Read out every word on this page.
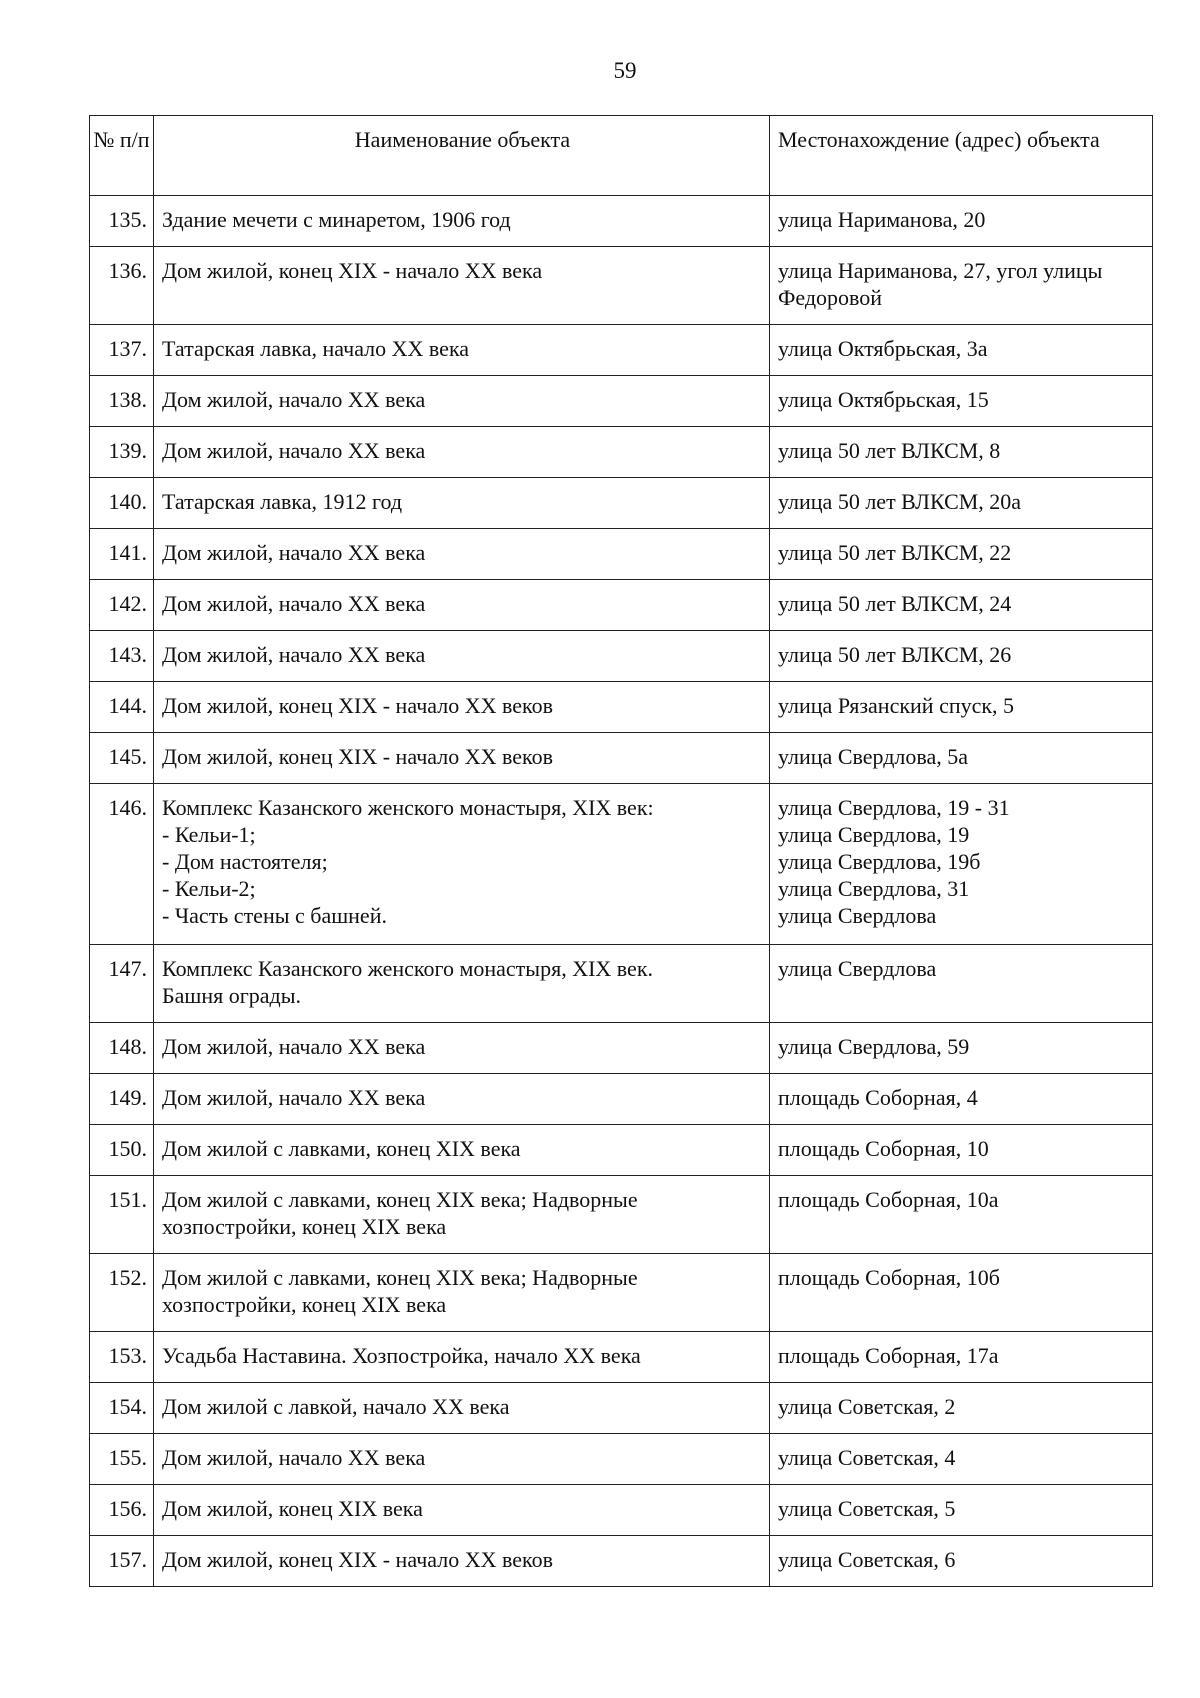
59
№ п/п	Наименование объекта	Местонахождение (адрес) объекта
135.	Здание мечети с минаретом, 1906 год	улица Нариманова, 20

136.	Дом жилой, конец XIX - начало XX века	улица Нариманова, 27, угол улицы Федоровой

137.	Татарская лавка, начало XX века	улица Октябрьская, 3а

138.	Дом жилой, начало XX века	улица Октябрьская, 15

139.	Дом жилой, начало XX века	улица 50 лет ВЛКСМ, 8

140.	Татарская лавка, 1912 год	улица 50 лет ВЛКСМ, 20а

141.	Дом жилой, начало XX века	улица 50 лет ВЛКСМ, 22

142.	Дом жилой, начало XX века	улица 50 лет ВЛКСМ, 24

143.	Дом жилой, начало XX века	улица 50 лет ВЛКСМ, 26

144.	Дом жилой, конец XIX - начало XX веков	улица Рязанский спуск, 5

145.	Дом жилой, конец XIX - начало XX веков	улица Свердлова, 5а

146.	Комплекс Казанского женского монастыря, XIX век:
- Кельи-1;
- Дом настоятеля;
- Кельи-2;
- Часть стены с башней.	улица Свердлова, 19 - 31
улица Свердлова, 19
улица Свердлова, 19б
улица Свердлова, 31
улица Свердлова

147.	Комплекс Казанского женского монастыря, XIX век.
Башня ограды.	улица Свердлова

148.	Дом жилой, начало XX века	улица Свердлова, 59

149.	Дом жилой, начало XX века	площадь Соборная, 4

150.	Дом жилой с лавками, конец XIX века	площадь Соборная, 10

151.	Дом жилой с лавками, конец XIX века; Надворные хозпостройки, конец XIX века	площадь Соборная, 10а

152.	Дом жилой с лавками, конец XIX века; Надворные хозпостройки, конец XIX века	площадь Соборная, 10б

153.	Усадьба Наставина. Хозпостройка, начало XX века	площадь Соборная, 17а

154.	Дом жилой с лавкой, начало XX века	улица Советская, 2

155.	Дом жилой, начало XX века	улица Советская, 4

156.	Дом жилой, конец XIX века	улица Советская, 5

157.	Дом жилой, конец XIX - начало XX веков	улица Советская, 6
